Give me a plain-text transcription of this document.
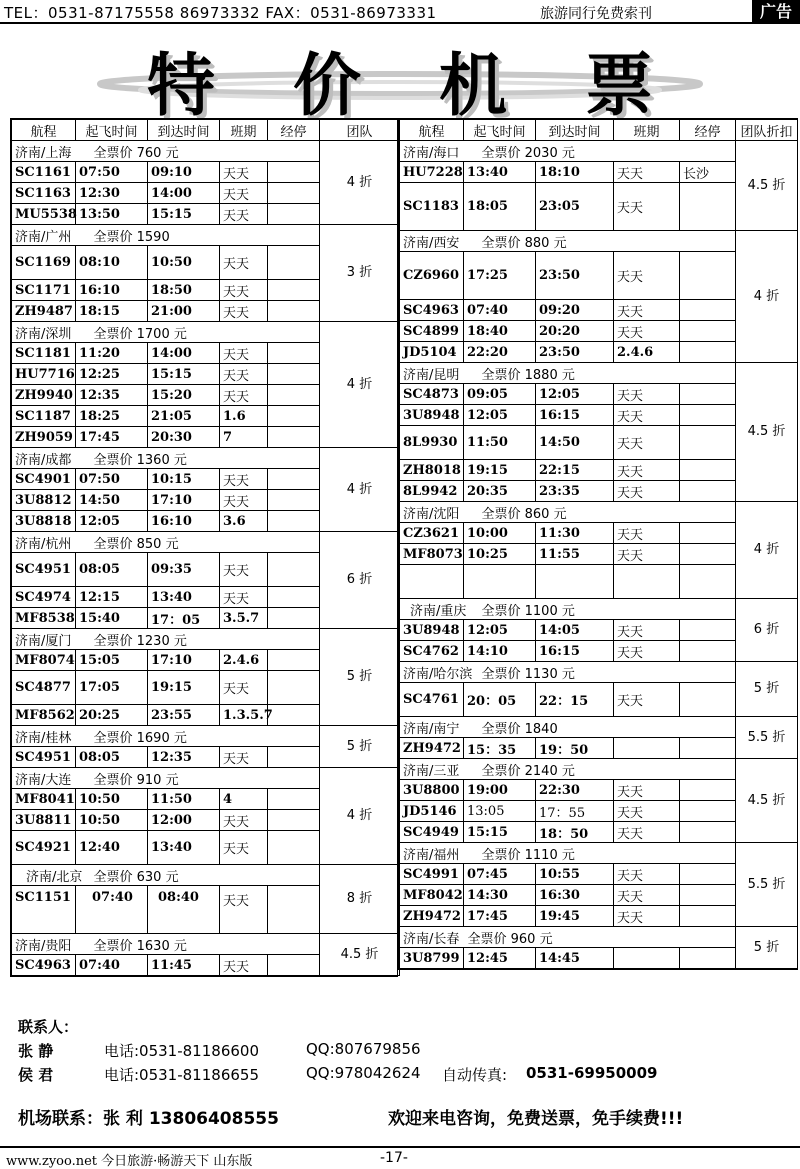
TEL：0531-87175558 86973332 FAX：0531-86973331	旅游同行免费索刊	广告
特 价 机 票
航程	起飞时间	到达时间	班期	经停	团队
济南/上海	全票价 760 元				4 折
SC1161	07:50	09:10	天天		
SC1163	12:30	14:00	天天		
MU5538	13:50	15:15	天天		
济南/广州	全票价 1590				3 折
SC1169	08:10	10:50	天天		
SC1171	16:10	18:50	天天		
ZH9487	18:15	21:00	天天		
济南/深圳	全票价 1700 元				4 折
SC1181	11:20	14:00	天天		
HU7716	12:25	15:15	天天		
ZH9940	12:35	15:20	天天		
SC1187	18:25	21:05	1.6		
ZH9059	17:45	20:30	7		
济南/成都	全票价 1360 元				4 折
SC4901	07:50	10:15	天天		
3U8812	14:50	17:10	天天		
3U8818	12:05	16:10	3.6		
济南/杭州	全票价 850 元				6 折
SC4951	08:05	09:35	天天		
SC4974	12:15	13:40	天天		
MF8538	15:40	17：05	3.5.7		
济南/厦门	全票价 1230 元				5 折
MF8074	15:05	17:10	2.4.6		
SC4877	17:05	19:15	天天		
MF8562	20:25	23:55	1.3.5.7		
济南/桂林	全票价 1690 元				5 折
SC4951	08:05	12:35	天天		
济南/大连	全票价 910 元				4 折
MF8041	10:50	11:50	4		
3U8811	10:50	12:00	天天		
SC4921	12:40	13:40	天天		
济南/北京	全票价 630 元				8 折
SC1151	07:40	08:40	天天		
济南/贵阳	全票价 1630 元				4.5 折
SC4963	07:40	11:45	天天		
航程	起飞时间	到达时间	班期	经停	团队折扣
济南/海口	全票价 2030 元				4.5 折
HU7228	13:40	18:10	天天	长沙	
SC1183	18:05	23:05	天天		
济南/西安	全票价 880 元				4 折
CZ6960	17:25	23:50	天天		
SC4963	07:40	09:20	天天		
SC4899	18:40	20:20	天天		
JD5104	22:20	23:50	2.4.6		
济南/昆明	全票价 1880 元				4.5 折
SC4873	09:05	12:05	天天		
3U8948	12:05	16:15	天天		
8L9930	11:50	14:50	天天		
ZH8018	19:15	22:15	天天		
8L9942	20:35	23:35	天天		
济南/沈阳	全票价 860 元				4 折
CZ3621	10:00	11:30	天天		
MF8073	10:25	11:55	天天		

济南/重庆	全票价 1100 元				6 折
3U8948	12:05	14:05	天天		
SC4762	14:10	16:15	天天		
济南/哈尔滨	全票价 1130 元				5 折
SC4761	20：05	22：15	天天		
济南/南宁	全票价 1840				5.5 折
ZH9472	15：35	19：50			
济南/三亚	全票价 2140 元				4.5 折
3U8800	19:00	22:30	天天		
JD5146	13:05	17：55	天天		
SC4949	15:15	18：50	天天		
济南/福州	全票价 1110 元				5.5 折
SC4991	07:45	10:55	天天		
MF8042	14:30	16:30	天天		
ZH9472	17:45	19:45	天天		
济南/长春	全票价 960 元				5 折
3U8799	12:45	14:45			
联系人：
张 静	电话:0531-81186600	QQ:807679856
侯 君	电话:0531-81186655	QQ:978042624 自动传真: 0531-69950009
机场联系：张 利 13806408555	欢迎来电咨询，免费送票，免手续费!!!
www.zyoo.net 今日旅游·畅游天下 山东版	-17-
